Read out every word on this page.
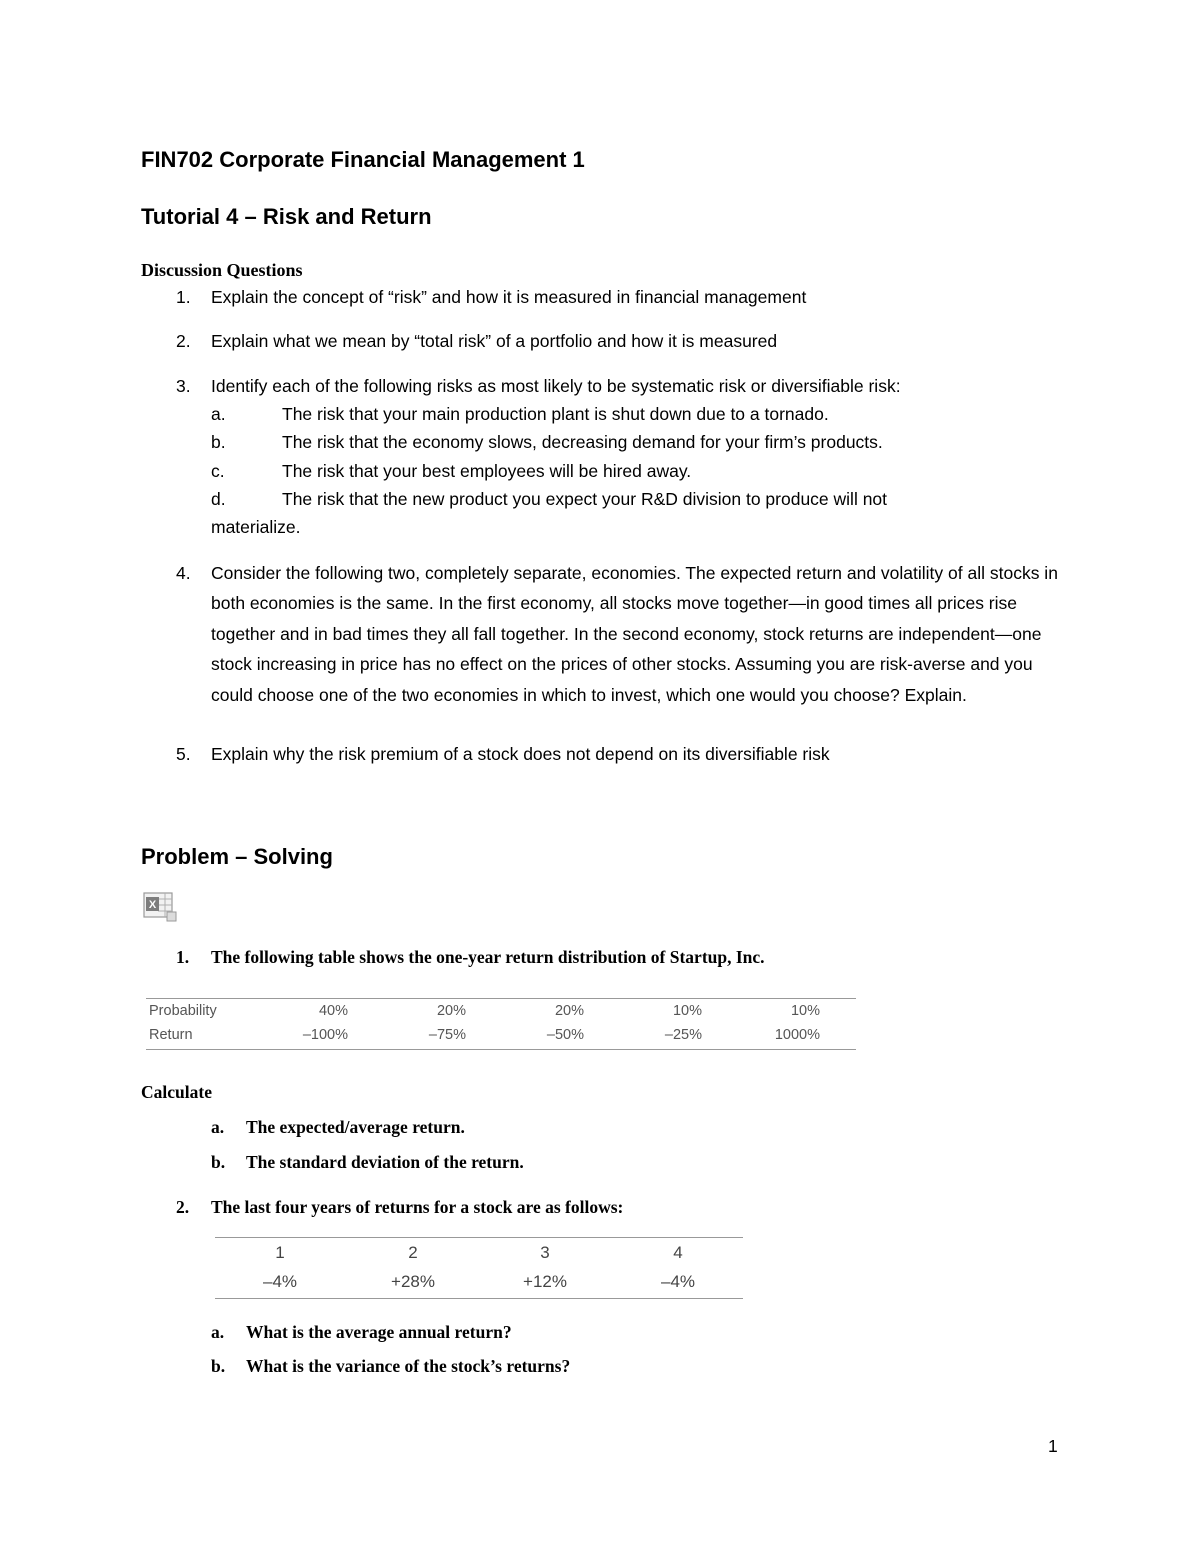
FIN702 Corporate Financial Management 1
Tutorial 4 – Risk and Return
Discussion Questions
1. Explain the concept of “risk” and how it is measured in financial management
2. Explain what we mean by “total risk” of a portfolio and how it is measured
3. Identify each of the following risks as most likely to be systematic risk or diversifiable risk:
a.	The risk that your main production plant is shut down due to a tornado.
b.	The risk that the economy slows, decreasing demand for your firm’s products.
c.	The risk that your best employees will be hired away.
d.	The risk that the new product you expect your R&D division to produce will not
materialize.
4. Consider the following two, completely separate, economies. The expected return and volatility of all stocks in both economies is the same. In the first economy, all stocks move together—in good times all prices rise together and in bad times they all fall together. In the second economy, stock returns are independent—one stock increasing in price has no effect on the prices of other stocks. Assuming you are risk-averse and you could choose one of the two economies in which to invest, which one would you choose? Explain.
5. Explain why the risk premium of a stock does not depend on its diversifiable risk
Problem – Solving
X
1. The following table shows the one-year return distribution of Startup, Inc.
Probability	40%	20%	20%	10%	10%
Return	–100%	–75%	–50%	–25%	1000%
Calculate
a. The expected/average return.
b. The standard deviation of the return.
2. The last four years of returns for a stock are as follows:
1	2	3	4
–4%	+28%	+12%	–4%
a. What is the average annual return?
b. What is the variance of the stock’s returns?
1
